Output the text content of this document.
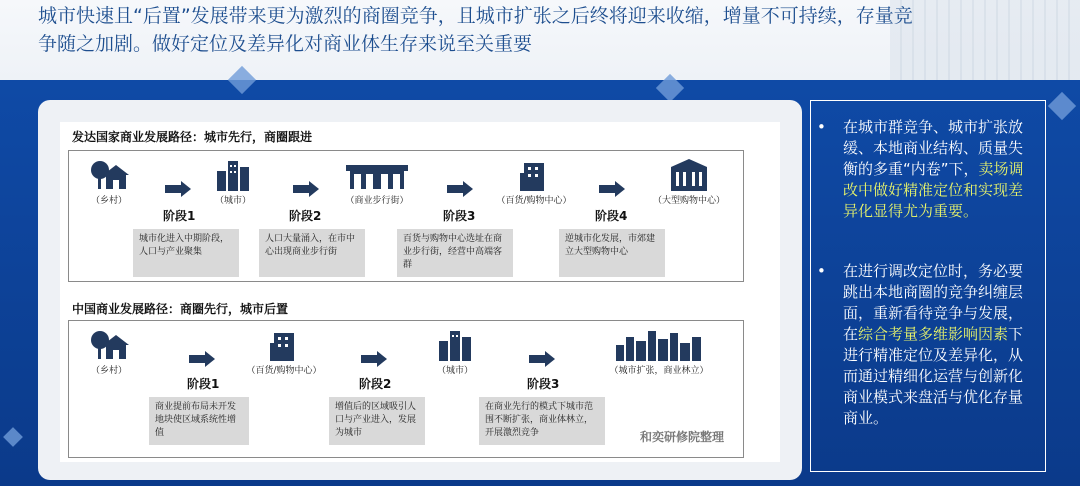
城市快速且“后置”发展带来更为激烈的商圈竞争，且城市扩张之后终将迎来收缩，增量不可持续，存量竞争随之加剧。做好定位及差异化对商业体生存来说至关重要
发达国家商业发展路径：城市先行，商圈跟进
（乡村）	（城市）	（商业步行街）	（百货/购物中心）	（大型购物中心）
阶段1	阶段2	阶段3	阶段4
城市化进入中期阶段，人口与产业聚集
人口大量涌入，在市中心出现商业步行街
百货与购物中心选址在商业步行街，经营中高端客群
逆城市化发展，市郊建立大型购物中心
中国商业发展路径：商圈先行，城市后置
（乡村）	（百货/购物中心）	（城市）	（城市扩张，商业林立）
阶段1	阶段2	阶段3
商业提前布局未开发地块使区域系统性增值
增值后的区域吸引人口与产业进入，发展为城市
在商业先行的模式下城市范围不断扩张，商业体林立，开展激烈竞争	和奕研修院整理
• 在城市群竞争、城市扩张放缓、本地商业结构、质量失衡的多重“内卷”下，卖场调改中做好精准定位和实现差异化显得尤为重要。
• 在进行调改定位时，务必要跳出本地商圈的竞争纠缠层面，重新看待竞争与发展，在综合考量多维影响因素下进行精准定位及差异化，从而通过精细化运营与创新化商业模式来盘活与优化存量商业。
